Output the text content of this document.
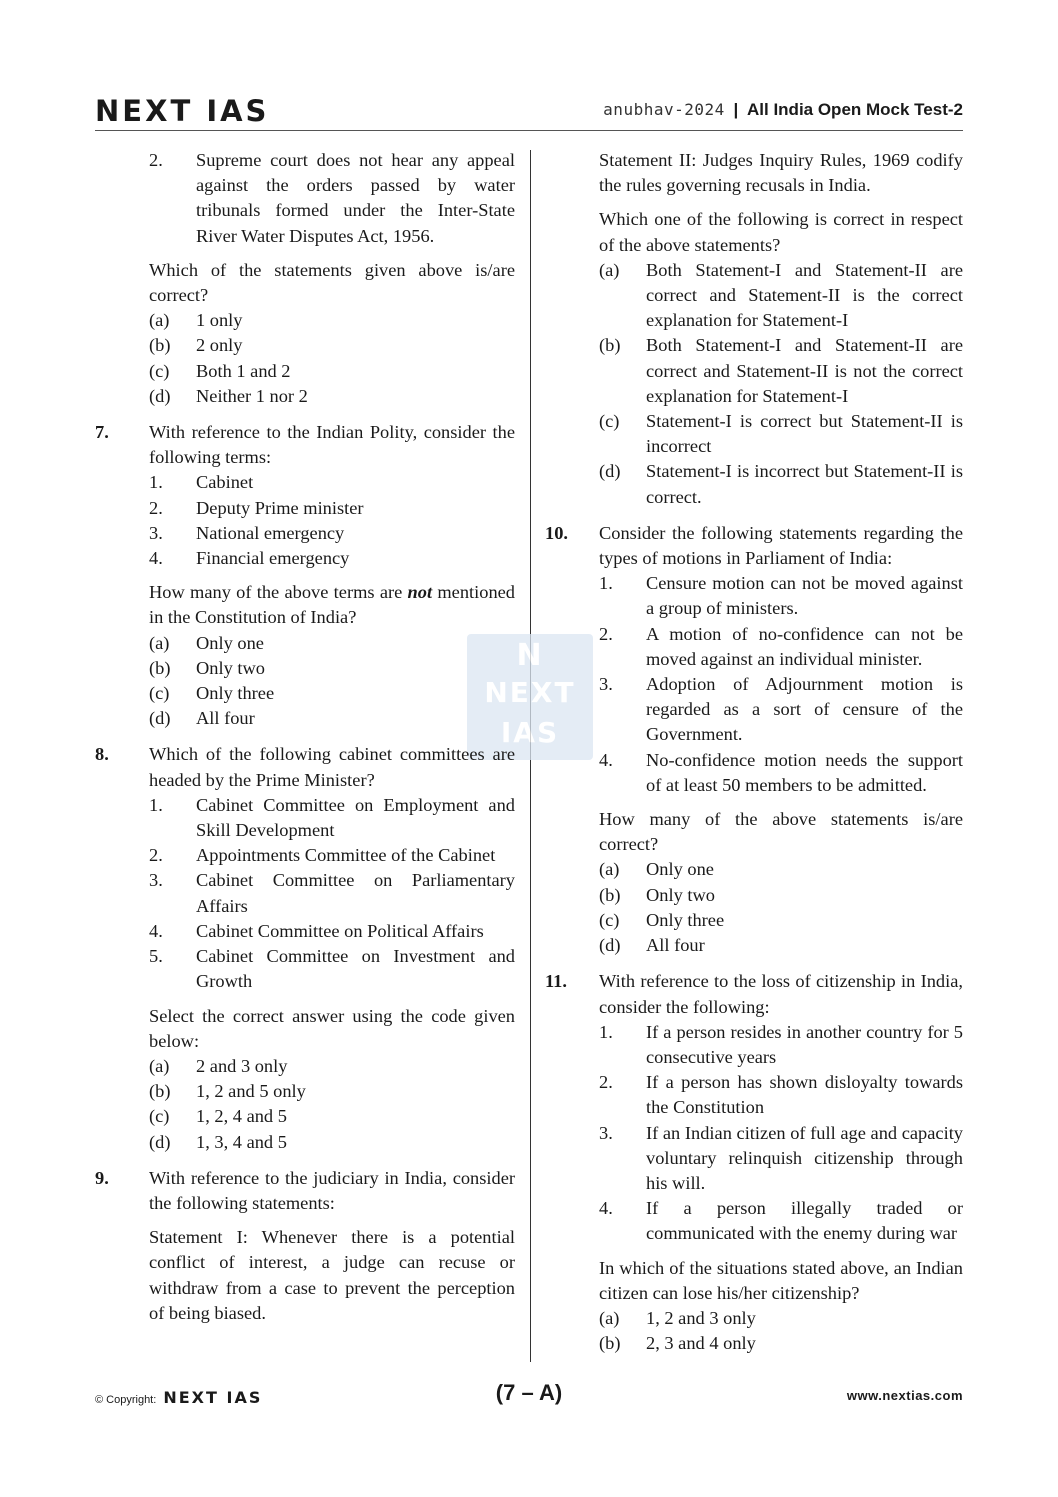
NEXT IAS	anubhav-2024 | All India Open Mock Test-2
N
NEXT
IAS
2.	Supreme court does not hear any appeal against the orders passed by water tribunals formed under the Inter-State River Water Disputes Act, 1956.
Which of the statements given above is/are correct?
(a)	1 only
(b)	2 only
(c)	Both 1 and 2
(d)	Neither 1 nor 2
7.	With reference to the Indian Polity, consider the following terms:
1.	Cabinet
2.	Deputy Prime minister
3.	National emergency
4.	Financial emergency
How many of the above terms are not mentioned in the Constitution of India?
(a)	Only one
(b)	Only two
(c)	Only three
(d)	All four
8.	Which of the following cabinet committees are headed by the Prime Minister?
1.	Cabinet Committee on Employment and Skill Development
2.	Appointments Committee of the Cabinet
3.	Cabinet Committee on Parliamentary Affairs
4.	Cabinet Committee on Political Affairs
5.	Cabinet Committee on Investment and Growth
Select the correct answer using the code given below:
(a)	2 and 3 only
(b)	1, 2 and 5 only
(c)	1, 2, 4 and 5
(d)	1, 3, 4 and 5
9.	With reference to the judiciary in India, consider the following statements:
Statement I: Whenever there is a potential conflict of interest, a judge can recuse or withdraw from a case to prevent the perception of being biased.
Statement II: Judges Inquiry Rules, 1969 codify the rules governing recusals in India.
Which one of the following is correct in respect of the above statements?
(a)	Both Statement-I and Statement-II are correct and Statement-II is the correct explanation for Statement-I
(b)	Both Statement-I and Statement-II are correct and Statement-II is not the correct explanation for Statement-I
(c)	Statement-I is correct but Statement-II is incorrect
(d)	Statement-I is incorrect but Statement-II is correct.
10.	Consider the following statements regarding the types of motions in Parliament of India:
1.	Censure motion can not be moved against a group of ministers.
2.	A motion of no-confidence can not be moved against an individual minister.
3.	Adoption of Adjournment motion is regarded as a sort of censure of the Government.
4.	No-confidence motion needs the support of at least 50 members to be admitted.
How many of the above statements is/are correct?
(a)	Only one
(b)	Only two
(c)	Only three
(d)	All four
11.	With reference to the loss of citizenship in India, consider the following:
1.	If a person resides in another country for 5 consecutive years
2.	If a person has shown disloyalty towards the Constitution
3.	If an Indian citizen of full age and capacity voluntary relinquish citizenship through his will.
4.	If a person illegally traded or communicated with the enemy during war
In which of the situations stated above, an Indian citizen can lose his/her citizenship?
(a)	1, 2 and 3 only
(b)	2, 3 and 4 only
© Copyright: NEXT IAS	(7 – A)	www.nextias.com
